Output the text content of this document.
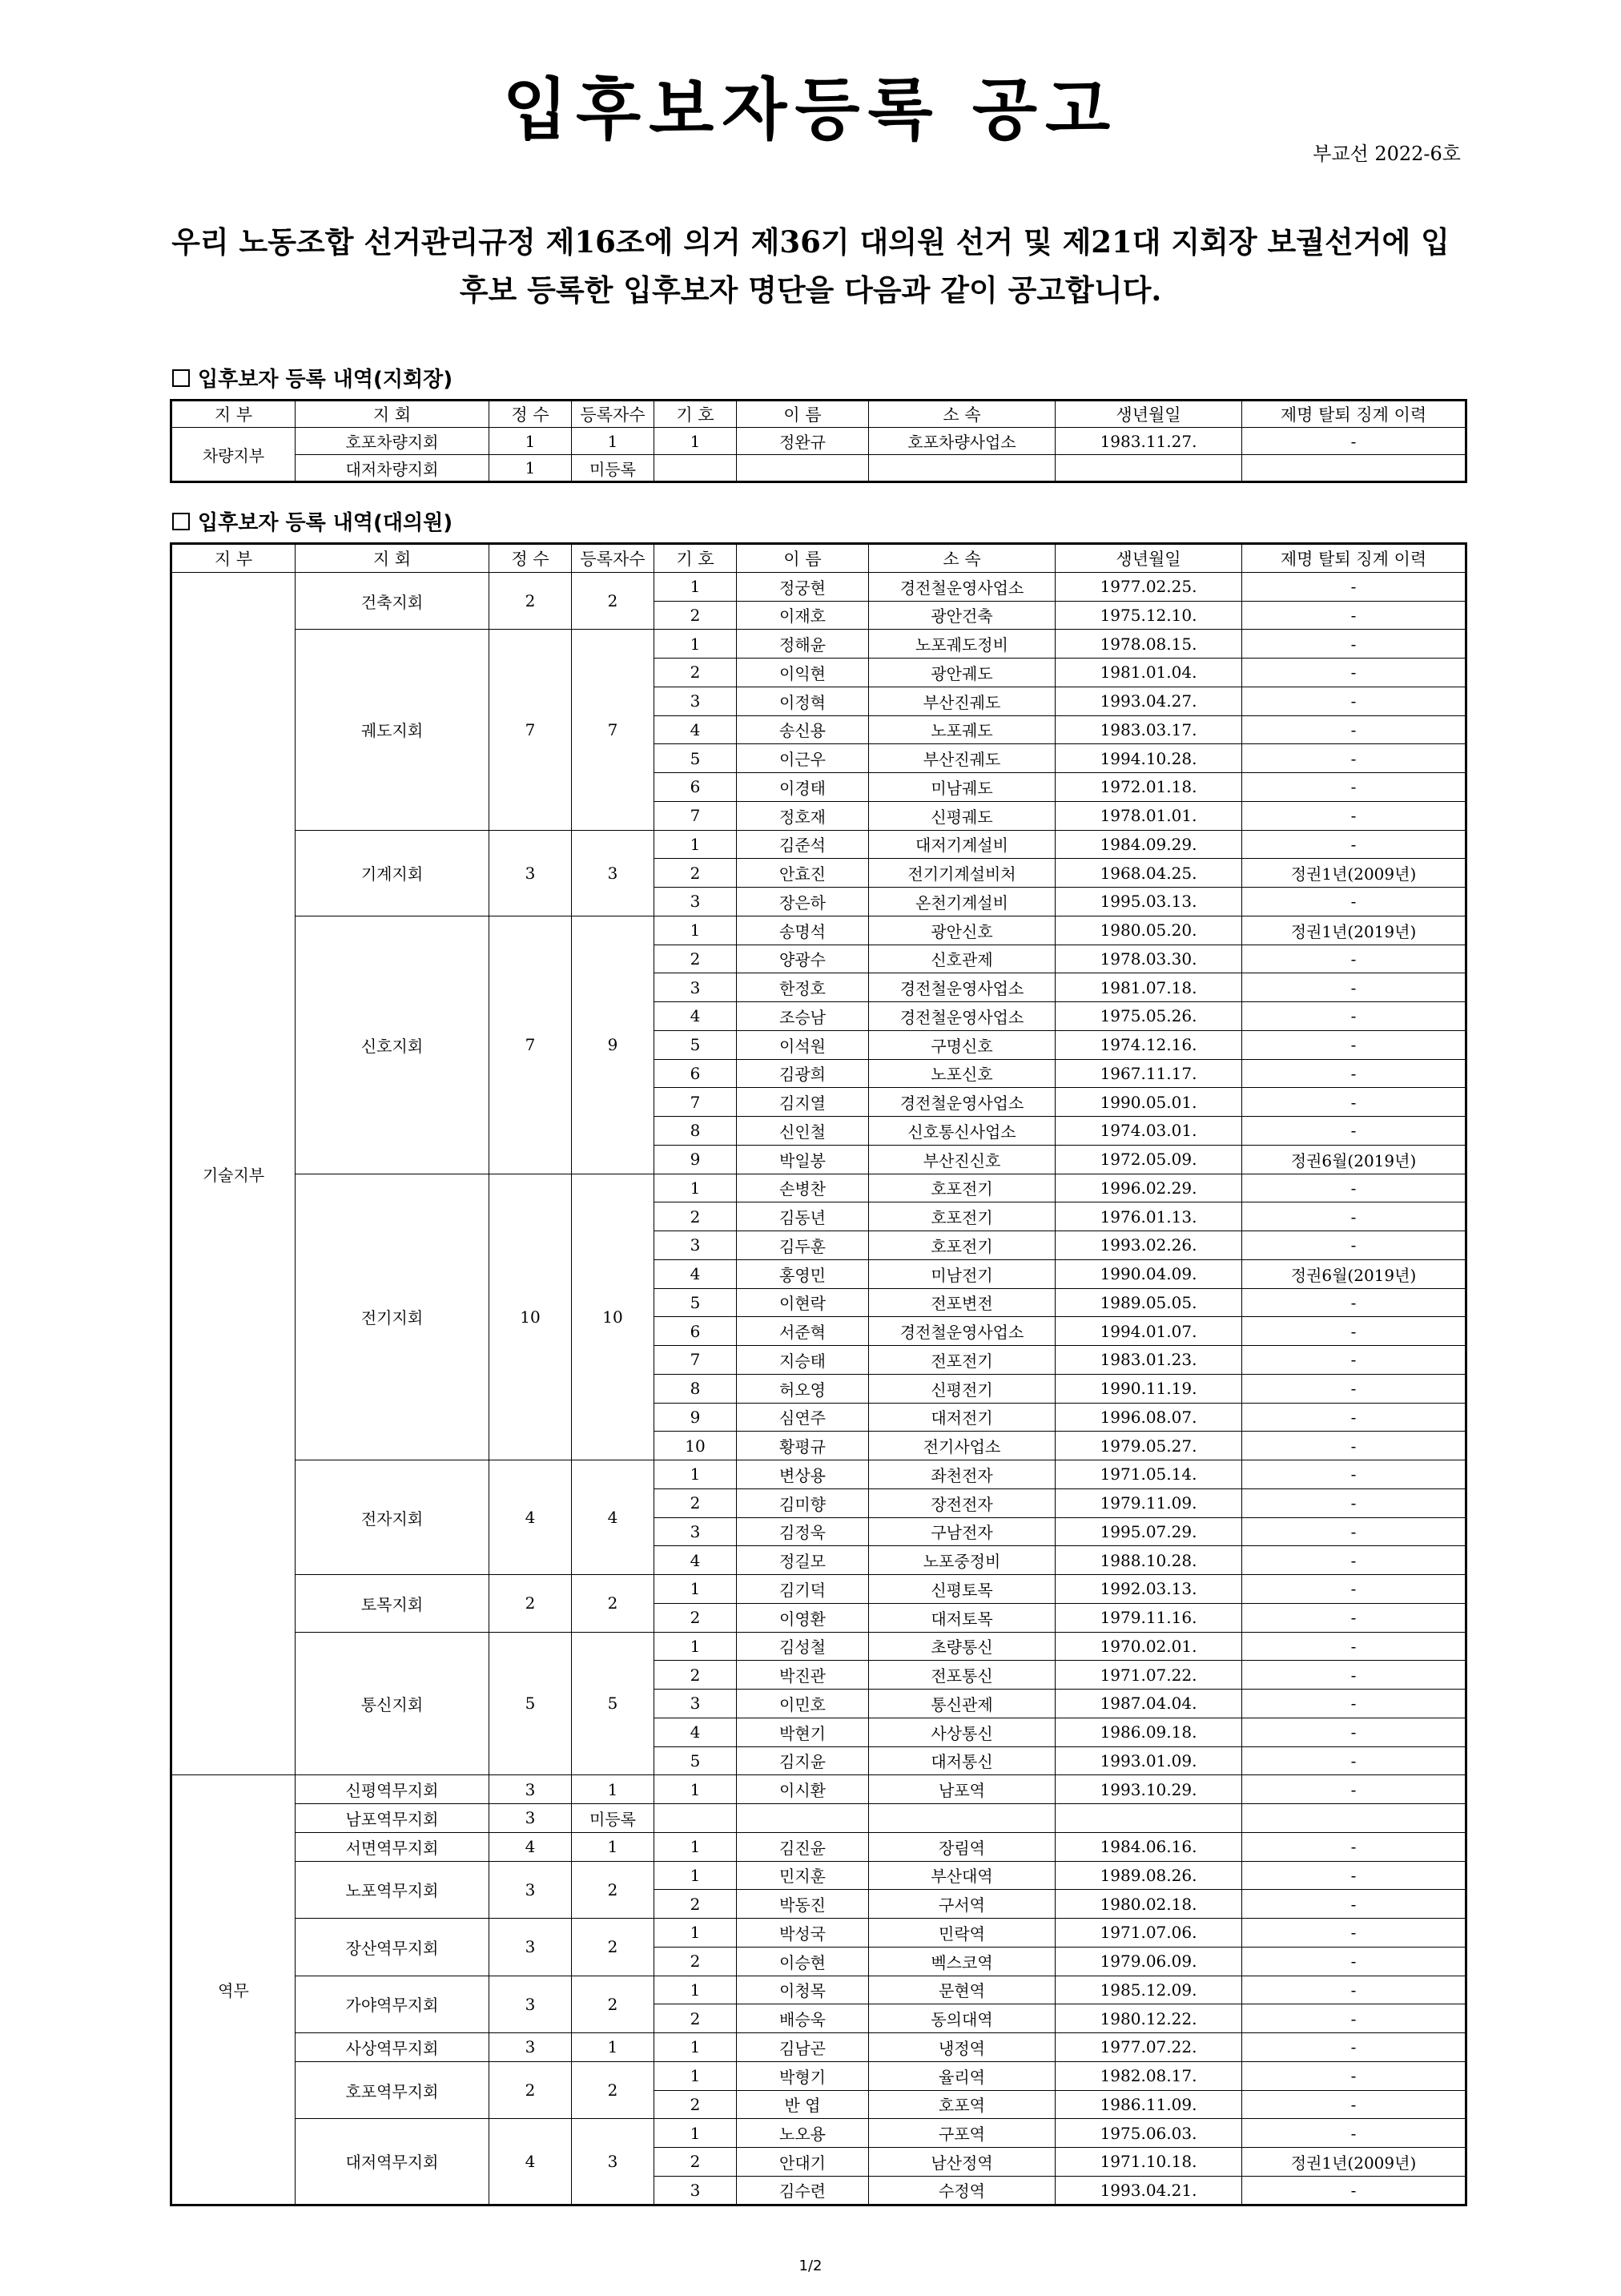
입후보자등록 공고
부교선 2022-6호
우리 노동조합 선거관리규정 제16조에 의거 제36기 대의원 선거 및 제21대 지회장 보궐선거에 입후보 등록한 입후보자 명단을 다음과 같이 공고합니다.
입후보자 등록 내역(지회장)
지 부	지 회	정 수	등록자수	기 호	이 름	소 속	생년월일	제명 탈퇴 징계 이력
차량지부	호포차량지회	1	1	1	정완규	호포차량사업소	1983.11.27.	-
	대저차량지회	1	미등록					
입후보자 등록 내역(대의원)
지 부	지 회	정 수	등록자수	기 호	이 름	소 속	생년월일	제명 탈퇴 징계 이력
기술지부	건축지회	2	2	1	정궁현	경전철운영사업소	1977.02.25.	-
				2	이재호	광안건축	1975.12.10.	-
	궤도지회	7	7	1	정해윤	노포궤도정비	1978.08.15.	-
				2	이익현	광안궤도	1981.01.04.	-
				3	이정혁	부산진궤도	1993.04.27.	-
				4	송신용	노포궤도	1983.03.17.	-
				5	이근우	부산진궤도	1994.10.28.	-
				6	이경태	미남궤도	1972.01.18.	-
				7	정호재	신평궤도	1978.01.01.	-
	기계지회	3	3	1	김준석	대저기계설비	1984.09.29.	-
				2	안효진	전기기계설비처	1968.04.25.	정권1년(2009년)
				3	장은하	온천기계설비	1995.03.13.	-
	신호지회	7	9	1	송명석	광안신호	1980.05.20.	정권1년(2019년)
				2	양광수	신호관제	1978.03.30.	-
				3	한정호	경전철운영사업소	1981.07.18.	-
				4	조승남	경전철운영사업소	1975.05.26.	-
				5	이석원	구명신호	1974.12.16.	-
				6	김광희	노포신호	1967.11.17.	-
				7	김지열	경전철운영사업소	1990.05.01.	-
				8	신인철	신호통신사업소	1974.03.01.	-
				9	박일봉	부산진신호	1972.05.09.	정권6월(2019년)
	전기지회	10	10	1	손병찬	호포전기	1996.02.29.	-
				2	김동년	호포전기	1976.01.13.	-
				3	김두훈	호포전기	1993.02.26.	-
				4	홍영민	미남전기	1990.04.09.	정권6월(2019년)
				5	이현락	전포변전	1989.05.05.	-
				6	서준혁	경전철운영사업소	1994.01.07.	-
				7	지승태	전포전기	1983.01.23.	-
				8	허오영	신평전기	1990.11.19.	-
				9	심연주	대저전기	1996.08.07.	-
				10	황평규	전기사업소	1979.05.27.	-
	전자지회	4	4	1	변상용	좌천전자	1971.05.14.	-
				2	김미향	장전전자	1979.11.09.	-
				3	김정욱	구남전자	1995.07.29.	-
				4	정길모	노포중정비	1988.10.28.	-
	토목지회	2	2	1	김기덕	신평토목	1992.03.13.	-
				2	이영환	대저토목	1979.11.16.	-
	통신지회	5	5	1	김성철	초량통신	1970.02.01.	-
				2	박진관	전포통신	1971.07.22.	-
				3	이민호	통신관제	1987.04.04.	-
				4	박현기	사상통신	1986.09.18.	-
				5	김지윤	대저통신	1993.01.09.	-
역무	신평역무지회	3	1	1	이시환	남포역	1993.10.29.	-
	남포역무지회	3	미등록					
	서면역무지회	4	1	1	김진윤	장림역	1984.06.16.	-
	노포역무지회	3	2	1	민지훈	부산대역	1989.08.26.	-
				2	박동진	구서역	1980.02.18.	-
	장산역무지회	3	2	1	박성국	민락역	1971.07.06.	-
				2	이승현	벡스코역	1979.06.09.	-
	가야역무지회	3	2	1	이청목	문현역	1985.12.09.	-
				2	배승욱	동의대역	1980.12.22.	-
	사상역무지회	3	1	1	김남곤	냉정역	1977.07.22.	-
	호포역무지회	2	2	1	박형기	율리역	1982.08.17.	-
				2	반 엽	호포역	1986.11.09.	-
	대저역무지회	4	3	1	노오용	구포역	1975.06.03.	-
				2	안대기	남산정역	1971.10.18.	정권1년(2009년)
				3	김수련	수정역	1993.04.21.	-
1/2
